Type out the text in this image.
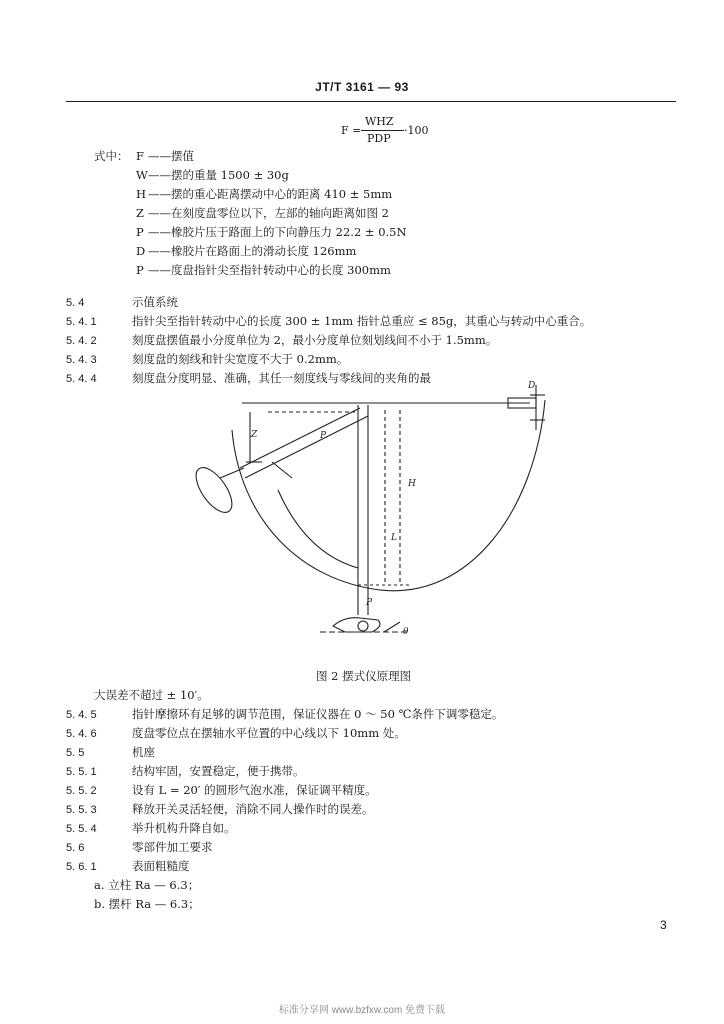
JT/T 3161 — 93
F =
WHZ
PDP
·100
式中： F ——摆值
W——摆的重量 1500 ± 30g
H ——摆的重心距离摆动中心的距离 410 ± 5mm
Z ——在刻度盘零位以下，左部的轴向距离如图 2
P ——橡胶片压于路面上的下向静压力 22.2 ± 0.5N
D ——橡胶片在路面上的滑动长度 126mm
P ——度盘指针尖至指针转动中心的长度 300mm
5. 4	示值系统
5. 4. 1	指针尖至指针转动中心的长度 300 ± 1mm 指针总重应 ≤ 85g，其重心与转动中心重合。
5. 4. 2	刻度盘摆值最小分度单位为 2，最小分度单位刻划线间不小于 1.5mm。
5. 4. 3	刻度盘的刻线和针尖宽度不大于 0.2mm。
5. 4. 4	刻度盘分度明显、准确，其任一刻度线与零线间的夹角的最
Z	P
H
L
P
θ
D
图 2 摆式仪原理图
大误差不超过 ± 10′。
5. 4. 5	指针摩擦环有足够的调节范围，保证仪器在 0 ～ 50 ℃条件下调零稳定。
5. 4. 6	度盘零位点在摆轴水平位置的中心线以下 10mm 处。
5. 5	机座
5. 5. 1	结构牢固，安置稳定，便于携带。
5. 5. 2	设有 L = 20′ 的圆形气泡水准，保证调平精度。
5. 5. 3	释放开关灵活轻便，消除不同人操作时的误差。
5. 5. 4	举升机构升降自如。
5. 6	零部件加工要求
5. 6. 1	表面粗糙度
a. 立柱 Ra — 6.3；
b. 摆杆 Ra — 6.3；
3
标准分享网 www.bzfxw.com 免费下载
